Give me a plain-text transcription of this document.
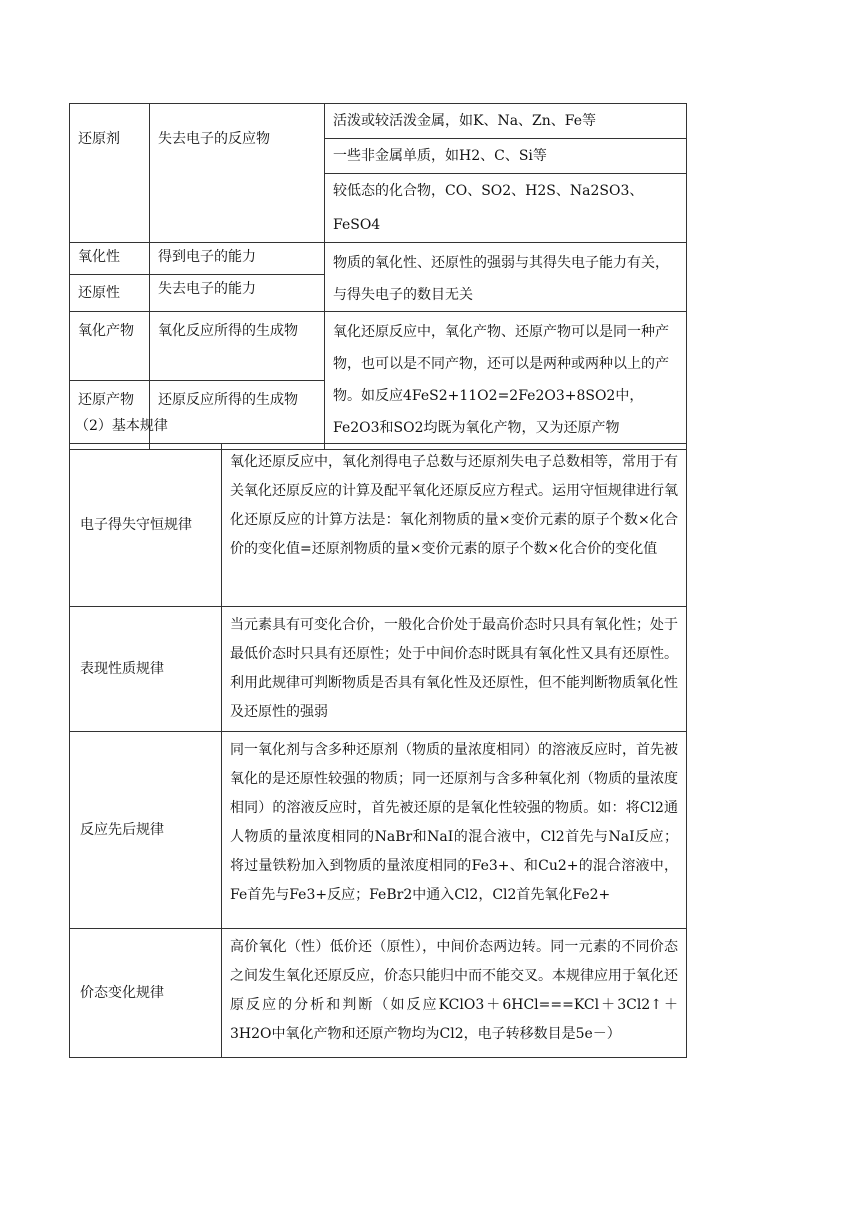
还原剂	失去电子的反应物	活泼或较活泼金属，如K、Na、Zn、Fe等
		一些非金属单质，如H2、C、Si等
		较低态的化合物，CO、SO2、H2S、Na2SO3、FeSO4
氧化性	得到电子的能力	物质的氧化性、还原性的强弱与其得失电子能力有关，与得失电子的数目无关
还原性	失去电子的能力	
氧化产物	氧化反应所得的生成物	氧化还原反应中，氧化产物、还原产物可以是同一种产物，也可以是不同产物，还可以是两种或两种以上的产物。如反应4FeS2+11O2=2Fe2O3+8SO2中，Fe2O3和SO2均既为氧化产物，又为还原产物
还原产物	还原反应所得的生成物	
（2）基本规律
电子得失守恒规律	氧化还原反应中，氧化剂得电子总数与还原剂失电子总数相等，常用于有关氧化还原反应的计算及配平氧化还原反应方程式。运用守恒规律进行氧化还原反应的计算方法是：氧化剂物质的量×变价元素的原子个数×化合价的变化值=还原剂物质的量×变价元素的原子个数×化合价的变化值
表现性质规律	当元素具有可变化合价，一般化合价处于最高价态时只具有氧化性；处于最低价态时只具有还原性；处于中间价态时既具有氧化性又具有还原性。利用此规律可判断物质是否具有氧化性及还原性，但不能判断物质氧化性及还原性的强弱
反应先后规律	同一氧化剂与含多种还原剂（物质的量浓度相同）的溶液反应时，首先被氧化的是还原性较强的物质；同一还原剂与含多种氧化剂（物质的量浓度相同）的溶液反应时，首先被还原的是氧化性较强的物质。如：将Cl2通人物质的量浓度相同的NaBr和NaI的混合液中，Cl2首先与NaI反应；将过量铁粉加入到物质的量浓度相同的Fe3+、和Cu2+的混合溶液中，Fe首先与Fe3+反应；FeBr2中通入Cl2，Cl2首先氧化Fe2+
价态变化规律	高价氧化（性）低价还（原性），中间价态两边转。同一元素的不同价态之间发生氧化还原反应，价态只能归中而不能交叉。本规律应用于氧化还原反应的分析和判断（如反应KClO3＋6HCl===KCl＋3Cl2↑＋3H2O中氧化产物和还原产物均为Cl2，电子转移数目是5e－）
